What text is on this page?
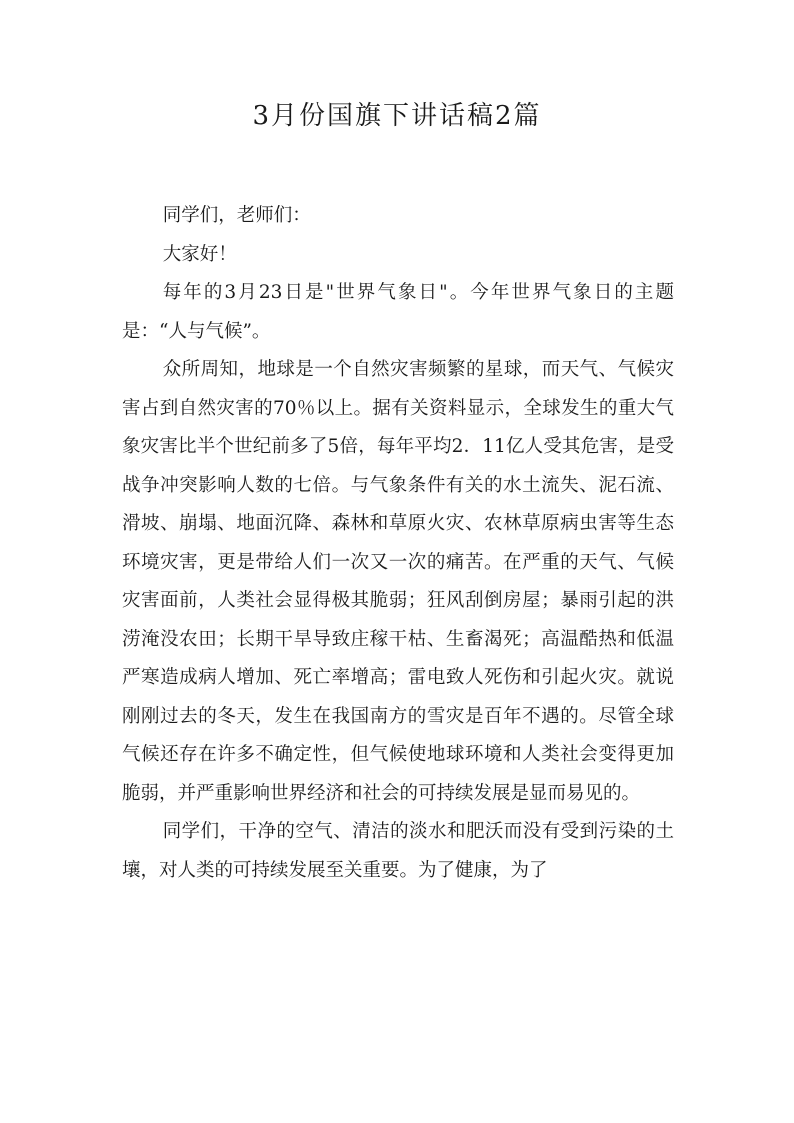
3月份国旗下讲话稿2篇

同学们，老师们：

大家好！

每年的3月23日是"世界气象日"。今年世界气象日的主题是：“人与气候”。

众所周知，地球是一个自然灾害频繁的星球，而天气、气候灾害占到自然灾害的70％以上。据有关资料显示，全球发生的重大气象灾害比半个世纪前多了5倍，每年平均2．11亿人受其危害，是受战争冲突影响人数的七倍。与气象条件有关的水土流失、泥石流、滑坡、崩塌、地面沉降、森林和草原火灾、农林草原病虫害等生态环境灾害，更是带给人们一次又一次的痛苦。在严重的天气、气候灾害面前，人类社会显得极其脆弱；狂风刮倒房屋；暴雨引起的洪涝淹没农田；长期干旱导致庄稼干枯、生畜渴死；高温酷热和低温严寒造成病人增加、死亡率增高；雷电致人死伤和引起火灾。就说刚刚过去的冬天，发生在我国南方的雪灾是百年不遇的。尽管全球气候还存在许多不确定性，但气候使地球环境和人类社会变得更加脆弱，并严重影响世界经济和社会的可持续发展是显而易见的。

同学们，干净的空气、清洁的淡水和肥沃而没有受到污染的土壤，对人类的可持续发展至关重要。为了健康，为了
